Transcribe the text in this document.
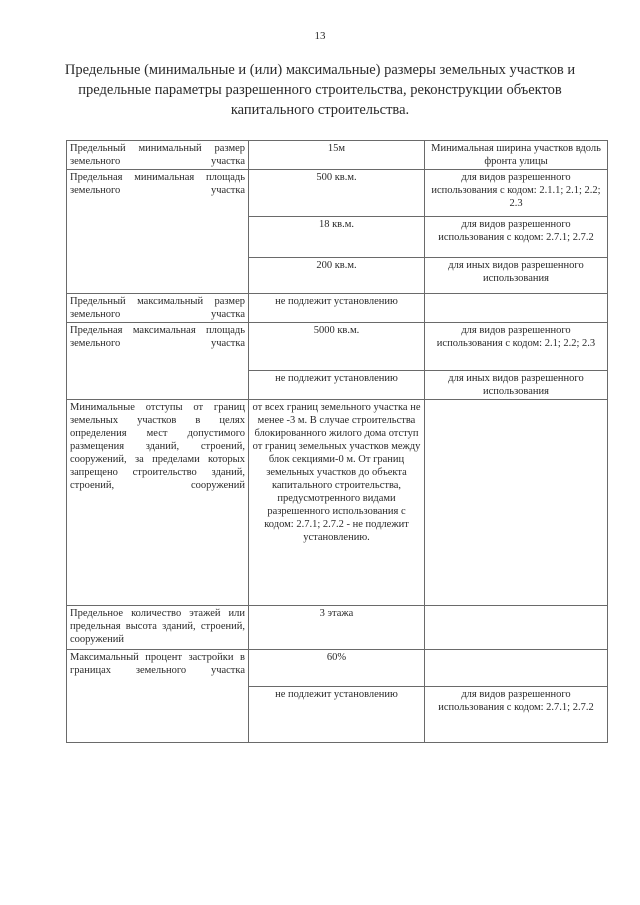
13
Предельные (минимальные и (или) максимальные) размеры земельных участков и предельные параметры разрешенного строительства, реконструкции объектов капитального строительства.
Предельный минимальный размер земельного участка	15м	Минимальная ширина участков вдоль фронта улицы
Предельная минимальная площадь земельного участка	500 кв.м.	для видов разрешенного использования с кодом: 2.1.1; 2.1; 2.2; 2.3
	18 кв.м.	для видов разрешенного использования с кодом: 2.7.1; 2.7.2
	200 кв.м.	для иных видов разрешенного использования
Предельный максимальный размер земельного участка	не подлежит установлению	
Предельная максимальная площадь земельного участка	5000 кв.м.	для видов разрешенного использования с кодом: 2.1; 2.2; 2.3
	не подлежит установлению	для иных видов разрешенного использования
Минимальные отступы от границ земельных участков в целях определения мест допустимого размещения зданий, строений, сооружений, за пределами которых запрещено строительство зданий, строений, сооружений	от всех границ земельного участка не менее -3 м. В случае строительства блокированного жилого дома отступ от границ земельных участков между блок секциями-0 м. От границ земельных участков до объекта капитального строительства, предусмотренного видами разрешенного использования с кодом: 2.7.1; 2.7.2 - не подлежит установлению.	
Предельное количество этажей или предельная высота зданий, строений, сооружений	3 этажа	
Максимальный процент застройки в границах земельного участка	60%	
	не подлежит установлению	для видов разрешенного использования с кодом: 2.7.1; 2.7.2
